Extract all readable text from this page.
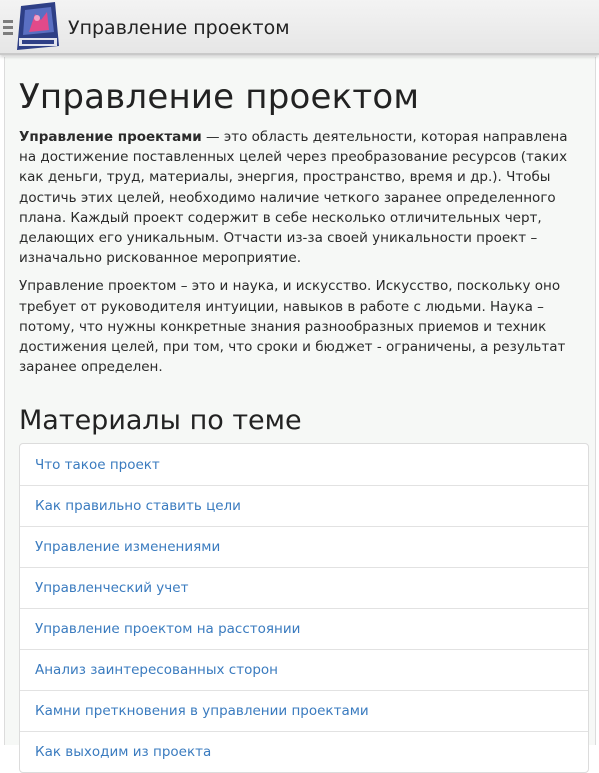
Управление проектом
Управление проектом

Управление проектами — это область деятельности, которая направлена на достижение поставленных целей через преобразование ресурсов (таких как деньги, труд, материалы, энергия, пространство, время и др.). Чтобы достичь этих целей, необходимо наличие четкого заранее определенного плана. Каждый проект содержит в себе несколько отличительных черт, делающих его уникальным. Отчасти из-за своей уникальности проект – изначально рискованное мероприятие.

Управление проектом – это и наука, и искусство. Искусство, поскольку оно требует от руководителя интуиции, навыков в работе с людьми. Наука – потому, что нужны конкретные знания разнообразных приемов и техник достижения целей, при том, что сроки и бюджет - ограничены, а результат заранее определен.

Материалы по теме
Что такое проект
Как правильно ставить цели
Управление изменениями
Управленческий учет
Управление проектом на расстоянии
Анализ заинтересованных сторон
Камни преткновения в управлении проектами
Как выходим из проекта
